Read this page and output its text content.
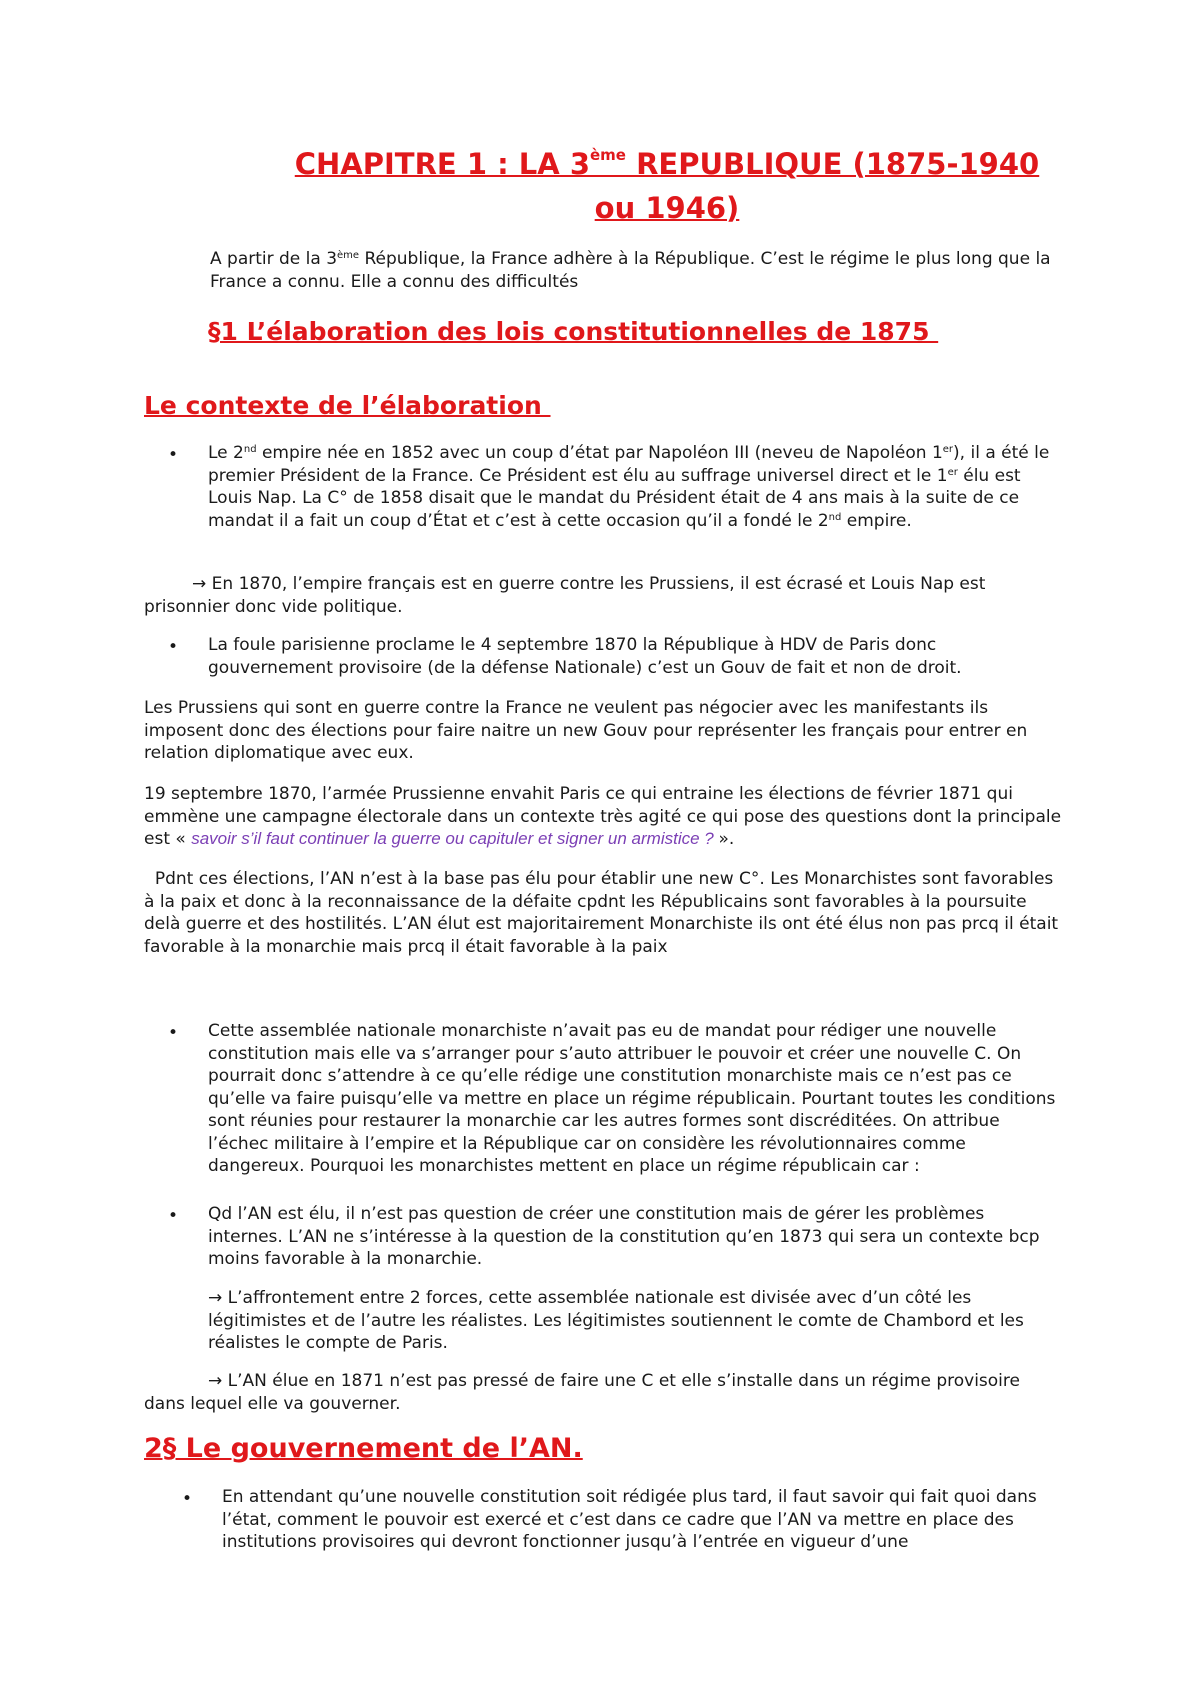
CHAPITRE 1 : LA 3ème REPUBLIQUE (1875-1940
ou 1946)

A partir de la 3ème République, la France adhère à la République. C’est le régime le plus long que la France a connu. Elle a connu des difficultés

§1 L’élaboration des lois constitutionnelles de 1875
Le contexte de l’élaboration
• Le 2nd empire née en 1852 avec un coup d’état par Napoléon III (neveu de Napoléon 1er), il a été le premier Président de la France. Ce Président est élu au suffrage universel direct et le 1er élu est Louis Nap. La C° de 1858 disait que le mandat du Président était de 4 ans mais à la suite de ce mandat il a fait un coup d’État et c’est à cette occasion qu’il a fondé le 2nd empire.

→ En 1870, l’empire français est en guerre contre les Prussiens, il est écrasé et Louis Nap est prisonnier donc vide politique.

• La foule parisienne proclame le 4 septembre 1870 la République à HDV de Paris donc gouvernement provisoire (de la défense Nationale) c’est un Gouv de fait et non de droit.

Les Prussiens qui sont en guerre contre la France ne veulent pas négocier avec les manifestants ils imposent donc des élections pour faire naitre un new Gouv pour représenter les français pour entrer en relation diplomatique avec eux.

19 septembre 1870, l’armée Prussienne envahit Paris ce qui entraine les élections de février 1871 qui emmène une campagne électorale dans un contexte très agité ce qui pose des questions dont la principale est « savoir s’il faut continuer la guerre ou capituler et signer un armistice ? ».

Pdnt ces élections, l’AN n’est à la base pas élu pour établir une new C°. Les Monarchistes sont favorables à la paix et donc à la reconnaissance de la défaite cpdnt les Républicains sont favorables à la poursuite delà guerre et des hostilités. L’AN élut est majoritairement Monarchiste ils ont été élus non pas prcq il était favorable à la monarchie mais prcq il était favorable à la paix

• Cette assemblée nationale monarchiste n’avait pas eu de mandat pour rédiger une nouvelle constitution mais elle va s’arranger pour s’auto attribuer le pouvoir et créer une nouvelle C. On pourrait donc s’attendre à ce qu’elle rédige une constitution monarchiste mais ce n’est pas ce qu’elle va faire puisqu’elle va mettre en place un régime républicain. Pourtant toutes les conditions sont réunies pour restaurer la monarchie car les autres formes sont discréditées. On attribue l’échec militaire à l’empire et la République car on considère les révolutionnaires comme dangereux. Pourquoi les monarchistes mettent en place un régime républicain car :

• Qd l’AN est élu, il n’est pas question de créer une constitution mais de gérer les problèmes internes. L’AN ne s’intéresse à la question de la constitution qu’en 1873 qui sera un contexte bcp moins favorable à la monarchie.

→ L’affrontement entre 2 forces, cette assemblée nationale est divisée avec d’un côté les légitimistes et de l’autre les réalistes. Les légitimistes soutiennent le comte de Chambord et les réalistes le compte de Paris.

→ L’AN élue en 1871 n’est pas pressé de faire une C et elle s’installe dans un régime provisoire dans lequel elle va gouverner.

2§ Le gouvernement de l’AN.
• En attendant qu’une nouvelle constitution soit rédigée plus tard, il faut savoir qui fait quoi dans l’état, comment le pouvoir est exercé et c’est dans ce cadre que l’AN va mettre en place des institutions provisoires qui devront fonctionner jusqu’à l’entrée en vigueur d’une
